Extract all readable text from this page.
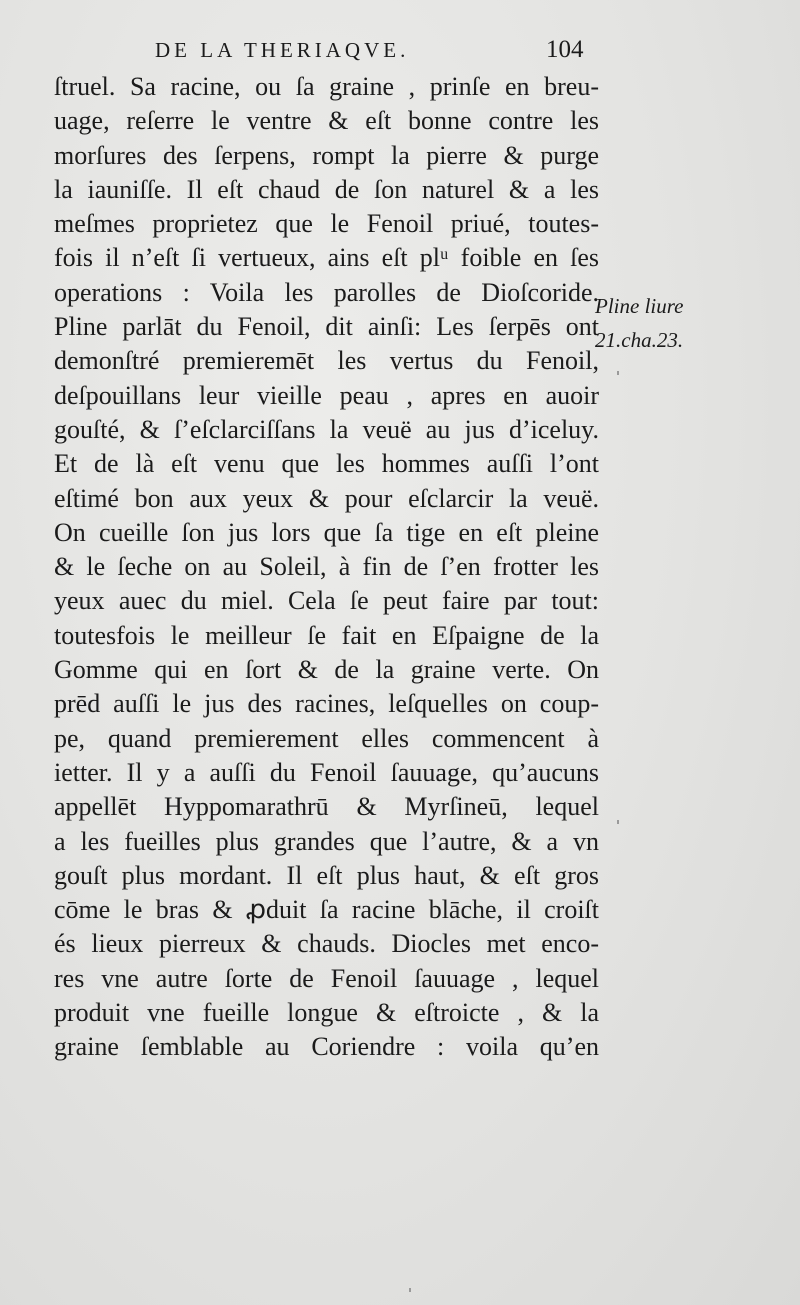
DE LA THERIAQVE.	104
ſtruel. Sa racine, ou ſa graine , prinſe en breu-
uage, reſerre le ventre & eſt bonne contre les
morſures des ſerpens, rompt la pierre & purge
la iauniſſe. Il eſt chaud de ſon naturel & a les
meſmes proprietez que le Fenoil priué, toutes-
fois il n’eſt ſi vertueux, ains eſt plᵘ foible en ſes
operations : Voila les parolles de Dioſcoride.
Pline parlāt du Fenoil, dit ainſi: Les ſerpēs ont
demonſtré premieremēt les vertus du Fenoil,
deſpouillans leur vieille peau , apres en auoir
gouſté, & ſ’eſclarciſſans la veuë au jus d’iceluy.
Et de là eſt venu que les hommes auſſi l’ont
eſtimé bon aux yeux & pour eſclarcir la veuë.
On cueille ſon jus lors que ſa tige en eſt pleine
& le ſeche on au Soleil, à fin de ſ’en frotter les
yeux auec du miel. Cela ſe peut faire par tout:
toutesfois le meilleur ſe fait en Eſpaigne de la
Gomme qui en ſort & de la graine verte. On
prēd auſſi le jus des racines, leſquelles on coup-
pe, quand premierement elles commencent à
ietter. Il y a auſſi du Fenoil ſauuage, qu’aucuns
appellēt Hyppomarathrū & Myrſineū, lequel
a les fueilles plus grandes que l’autre, & a vn
gouſt plus mordant. Il eſt plus haut, & eſt gros
cōme le bras & ꝓduit ſa racine blāche, il croiſt
és lieux pierreux & chauds. Diocles met enco-
res vne autre ſorte de Fenoil ſauuage , lequel
produit vne fueille longue & eſtroicte , & la
graine ſemblable au Coriendre : voila qu’en
Pline liure
21.cha.23.
